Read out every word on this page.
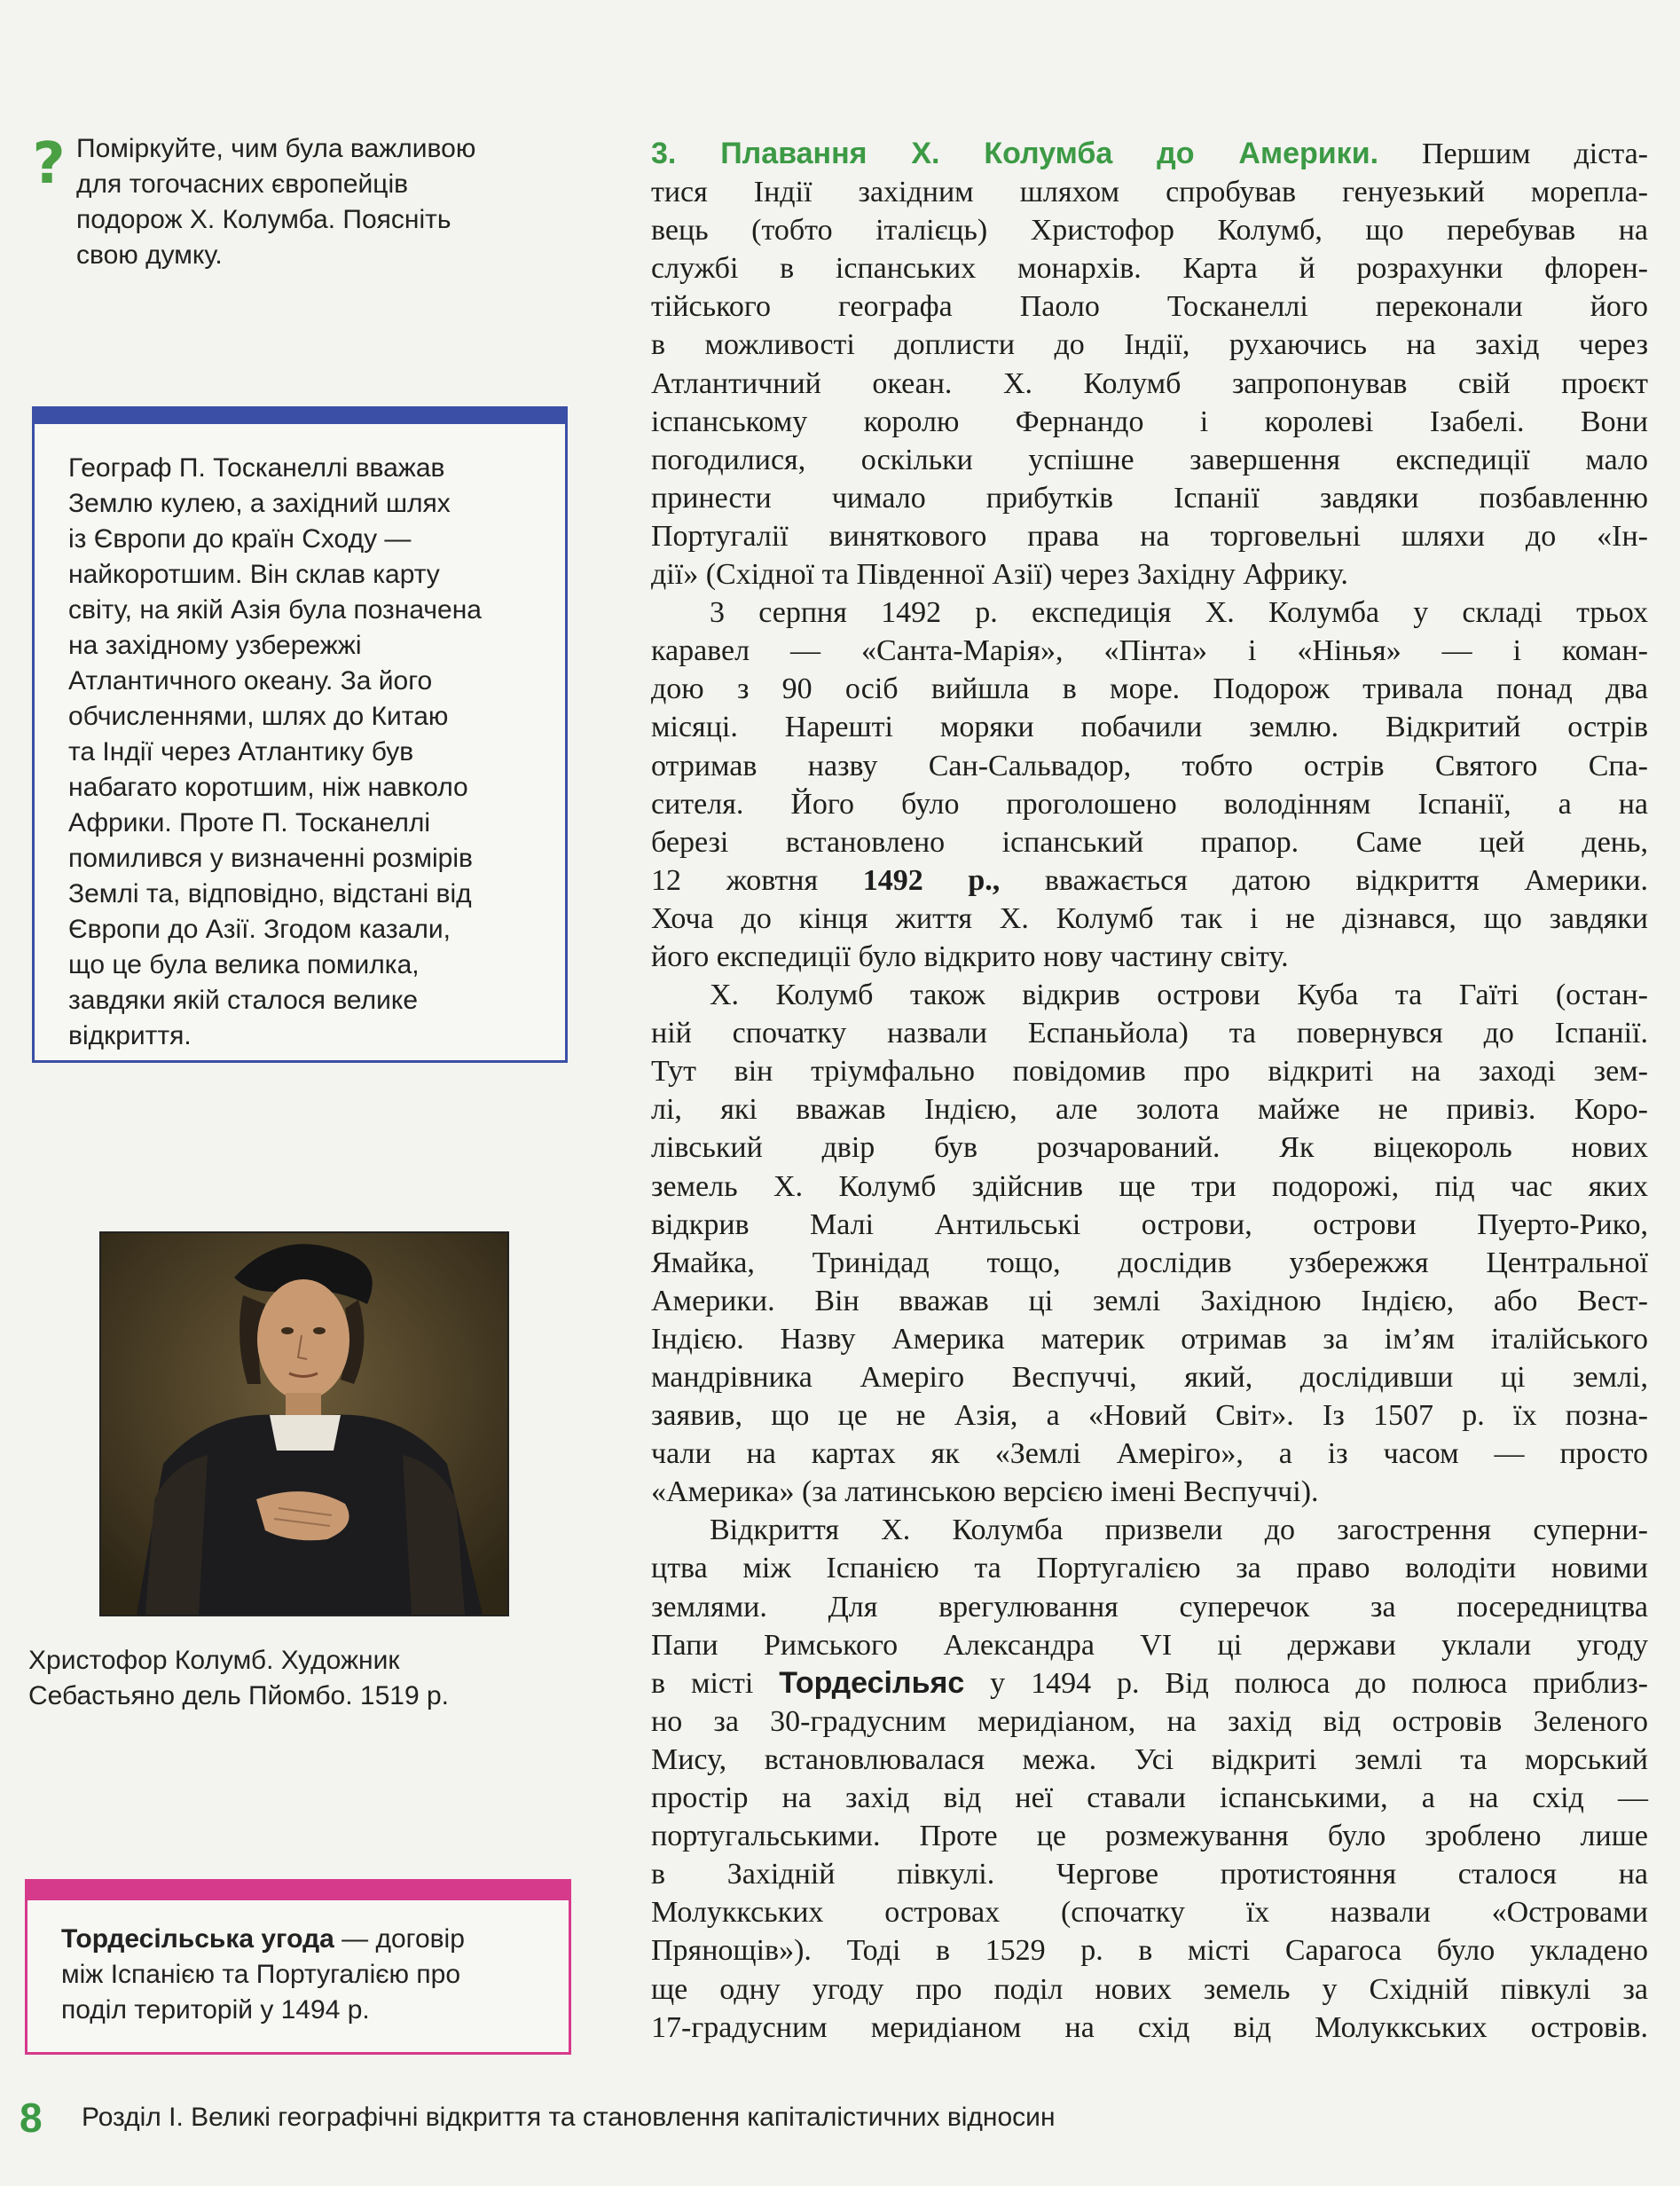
? Поміркуйте, чим була важливою
для тогочасних європейців
подорож Х. Колумба. Поясніть
свою думку.
Географ П. Тосканеллі вважав
Землю кулею, а західний шлях
із Європи до країн Сходу —
найкоротшим. Він склав карту
світу, на якій Азія була позначена
на західному узбережжі
Атлантичного океану. За його
обчисленнями, шлях до Китаю
та Індії через Атлантику був
набагато коротшим, ніж навколо
Африки. Проте П. Тосканеллі
помилився у визначенні розмірів
Землі та, відповідно, відстані від
Європи до Азії. Згодом казали,
що це була велика помилка,
завдяки якій сталося велике
відкриття.
Христофор Колумб. Художник
Себастьяно дель Пйомбо. 1519 р.
Тордесільська угода — договір
між Іспанією та Португалією про
поділ територій у 1494 р.
3. Плавання Х. Колумба до Америки. Першим діста-
тися Індії західним шляхом спробував генуезький морепла-
вець (тобто італієць) Христофор Колумб, що перебував на
службі в іспанських монархів. Карта й розрахунки флорен-
тійського географа Паоло Тосканеллі переконали його
в можливості доплисти до Індії, рухаючись на захід через
Атлантичний океан. Х. Колумб запропонував свій проєкт
іспанському королю Фернандо і королеві Ізабелі. Вони
погодилися, оскільки успішне завершення експедиції мало
принести чимало прибутків Іспанії завдяки позбавленню
Португалії виняткового права на торговельні шляхи до «Ін-
дії» (Східної та Південної Азії) через Західну Африку.
3 серпня 1492 р. експедиція Х. Колумба у складі трьох
каравел — «Санта-Марія», «Пінта» і «Нінья» — і коман-
дою з 90 осіб вийшла в море. Подорож тривала понад два
місяці. Нарешті моряки побачили землю. Відкритий острів
отримав назву Сан-Сальвадор, тобто острів Святого Спа-
сителя. Його було проголошено володінням Іспанії, а на
березі встановлено іспанський прапор. Саме цей день,
12 жовтня 1492 р., вважається датою відкриття Америки.
Хоча до кінця життя Х. Колумб так і не дізнався, що завдяки
його експедиції було відкрито нову частину світу.
Х. Колумб також відкрив острови Куба та Гаїті (остан-
ній спочатку назвали Еспаньйола) та повернувся до Іспанії.
Тут він тріумфально повідомив про відкриті на заході зем-
лі, які вважав Індією, але золота майже не привіз. Коро-
лівський двір був розчарований. Як віцекороль нових
земель Х. Колумб здійснив ще три подорожі, під час яких
відкрив Малі Антильські острови, острови Пуерто-Рико,
Ямайка, Тринідад тощо, дослідив узбережжя Центральної
Америки. Він вважав ці землі Західною Індією, або Вест-
Індією. Назву Америка материк отримав за ім’ям італійського
мандрівника Амеріго Веспуччі, який, дослідивши ці землі,
заявив, що це не Азія, а «Новий Світ». Із 1507 р. їх позна-
чали на картах як «Землі Амеріго», а із часом — просто
«Америка» (за латинською версією імені Веспуччі).
Відкриття Х. Колумба призвели до загострення суперни-
цтва між Іспанією та Португалією за право володіти новими
землями. Для врегулювання суперечок за посередництва
Папи Римського Александра VI ці держави уклали угоду
в місті Тордесільяс у 1494 р. Від полюса до полюса приблиз-
но за 30-градусним меридіаном, на захід від островів Зеленого
Мису, встановлювалася межа. Усі відкриті землі та морський
простір на захід від неї ставали іспанськими, а на схід —
португальськими. Проте це розмежування було зроблено лише
в Західній півкулі. Чергове протистояння сталося на
Молуккських островах (спочатку їх назвали «Островами
Прянощів»). Тоді в 1529 р. в місті Сарагоса було укладено
ще одну угоду про поділ нових земель у Східній півкулі за
17-градусним меридіаном на схід від Молуккських островів.
8 Розділ І. Великі географічні відкриття та становлення капіталістичних відносин
